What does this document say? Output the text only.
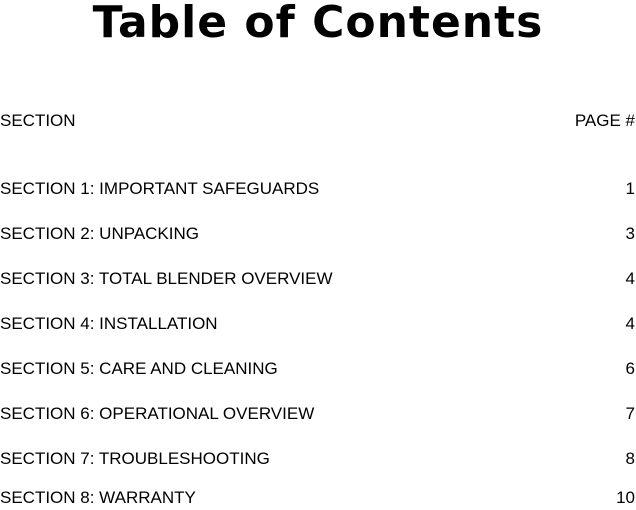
Table of Contents
SECTION	PAGE #
SECTION 1: IMPORTANT SAFEGUARDS	1
SECTION 2: UNPACKING	3
SECTION 3: TOTAL BLENDER OVERVIEW	4
SECTION 4: INSTALLATION	4
SECTION 5: CARE AND CLEANING	6
SECTION 6: OPERATIONAL OVERVIEW	7
SECTION 7: TROUBLESHOOTING	8
SECTION 8: WARRANTY	10
